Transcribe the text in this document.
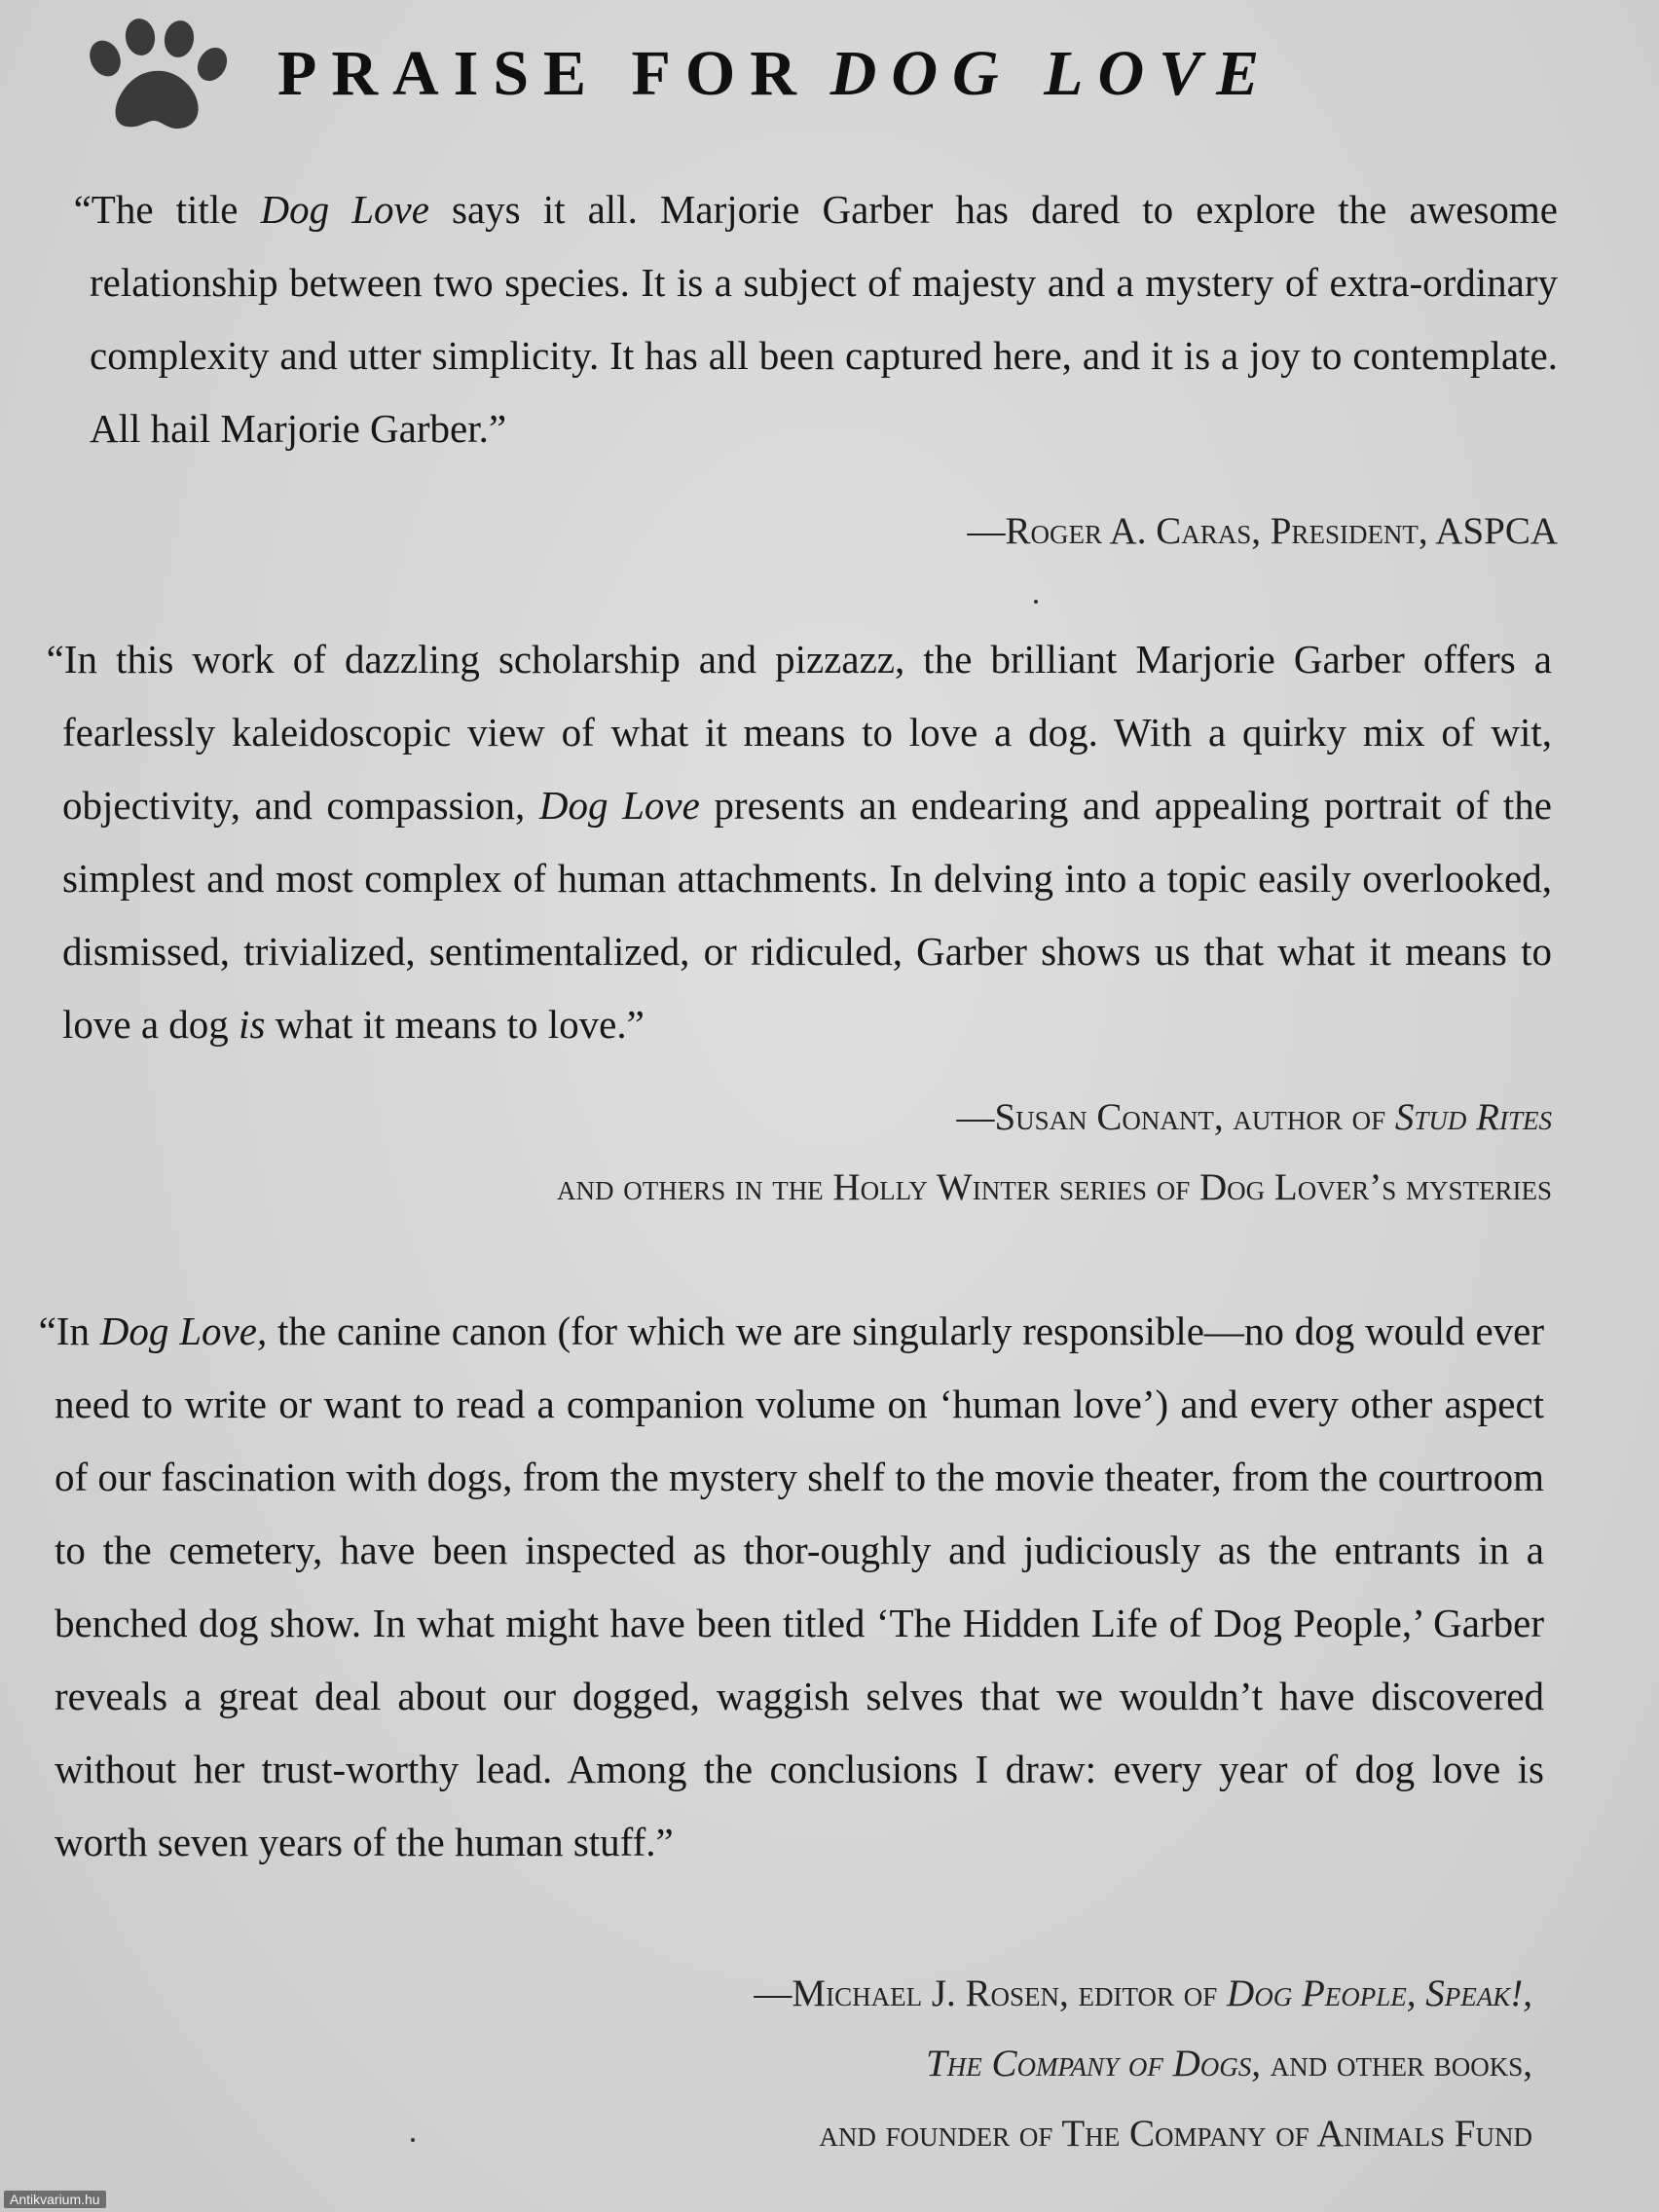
PRAISE FOR DOG LOVE

“The title Dog Love says it all. Marjorie Garber has dared to explore the awesome relationship between two species. It is a subject of majesty and a mystery of extra-ordinary complexity and utter simplicity. It has all been captured here, and it is a joy to contemplate. All hail Marjorie Garber.”

—Roger A. Caras, President, ASPCA

“In this work of dazzling scholarship and pizzazz, the brilliant Marjorie Garber offers a fearlessly kaleidoscopic view of what it means to love a dog. With a quirky mix of wit, objectivity, and compassion, Dog Love presents an endearing and appealing portrait of the simplest and most complex of human attachments. In delving into a topic easily overlooked, dismissed, trivialized, sentimentalized, or ridiculed, Garber shows us that what it means to love a dog is what it means to love.”

—Susan Conant, author of Stud Rites
and others in the Holly Winter series of Dog Lover’s mysteries

“In Dog Love, the canine canon (for which we are singularly responsible—no dog would ever need to write or want to read a companion volume on ‘human love’) and every other aspect of our fascination with dogs, from the mystery shelf to the movie theater, from the courtroom to the cemetery, have been inspected as thor-oughly and judiciously as the entrants in a benched dog show. In what might have been titled ‘The Hidden Life of Dog People,’ Garber reveals a great deal about our dogged, waggish selves that we wouldn’t have discovered without her trust-worthy lead. Among the conclusions I draw: every year of dog love is worth seven years of the human stuff.”

—Michael J. Rosen, editor of Dog People, Speak!,
The Company of Dogs, and other books,
and founder of The Company of Animals Fund
Antikvarium.hu
